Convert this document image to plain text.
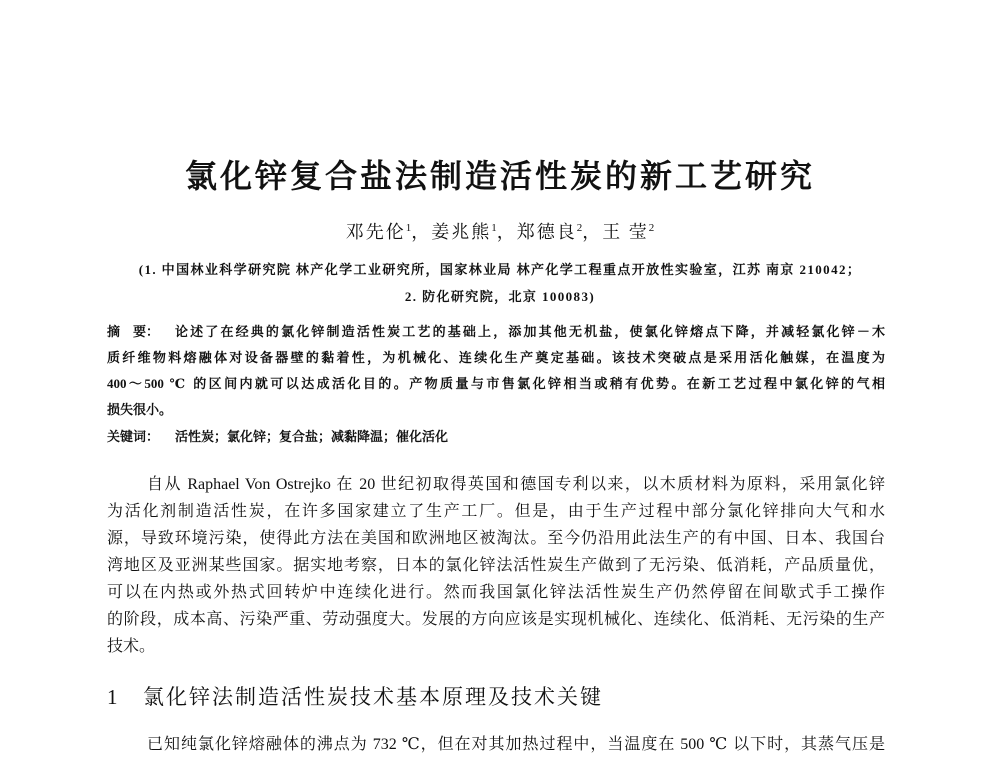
氯化锌复合盐法制造活性炭的新工艺研究
邓先伦$^1$，姜兆熊$^1$，郑德良$^2$，王 莹$^2$
(1. 中国林业科学研究院 林产化学工业研究所，国家林业局 林产化学工程重点开放性实验室，江苏 南京 210042；
2. 防化研究院，北京 100083)
摘　要： 论述了在经典的氯化锌制造活性炭工艺的基础上，添加其他无机盐，使氯化锌熔点下降，并减轻氯化锌－木
质纤维物料熔融体对设备器壁的黏着性，为机械化、连续化生产奠定基础。该技术突破点是采用活化触媒，在温度为
400～500 ℃ 的区间内就可以达成活化目的。产物质量与市售氯化锌相当或稍有优势。在新工艺过程中氯化锌的气相
损失很小。
关键词： 活性炭；氯化锌；复合盐；减黏降温；催化活化
自从 Raphael Von Ostrejko 在 20 世纪初取得英国和德国专利以来，以木质材料为原料，采用氯化锌
为活化剂制造活性炭，在许多国家建立了生产工厂。但是，由于生产过程中部分氯化锌排向大气和水
源，导致环境污染，使得此方法在美国和欧洲地区被淘汰。至今仍沿用此法生产的有中国、日本、我国台
湾地区及亚洲某些国家。据实地考察，日本的氯化锌法活性炭生产做到了无污染、低消耗，产品质量优，
可以在内热或外热式回转炉中连续化进行。然而我国氯化锌法活性炭生产仍然停留在间歇式手工操作
的阶段，成本高、污染严重、劳动强度大。发展的方向应该是实现机械化、连续化、低消耗、无污染的生产
技术。
1 氯化锌法制造活性炭技术基本原理及技术关键
已知纯氯化锌熔融体的沸点为 732 ℃，但在对其加热过程中，当温度在 500 ℃ 以下时，其蒸气压是
